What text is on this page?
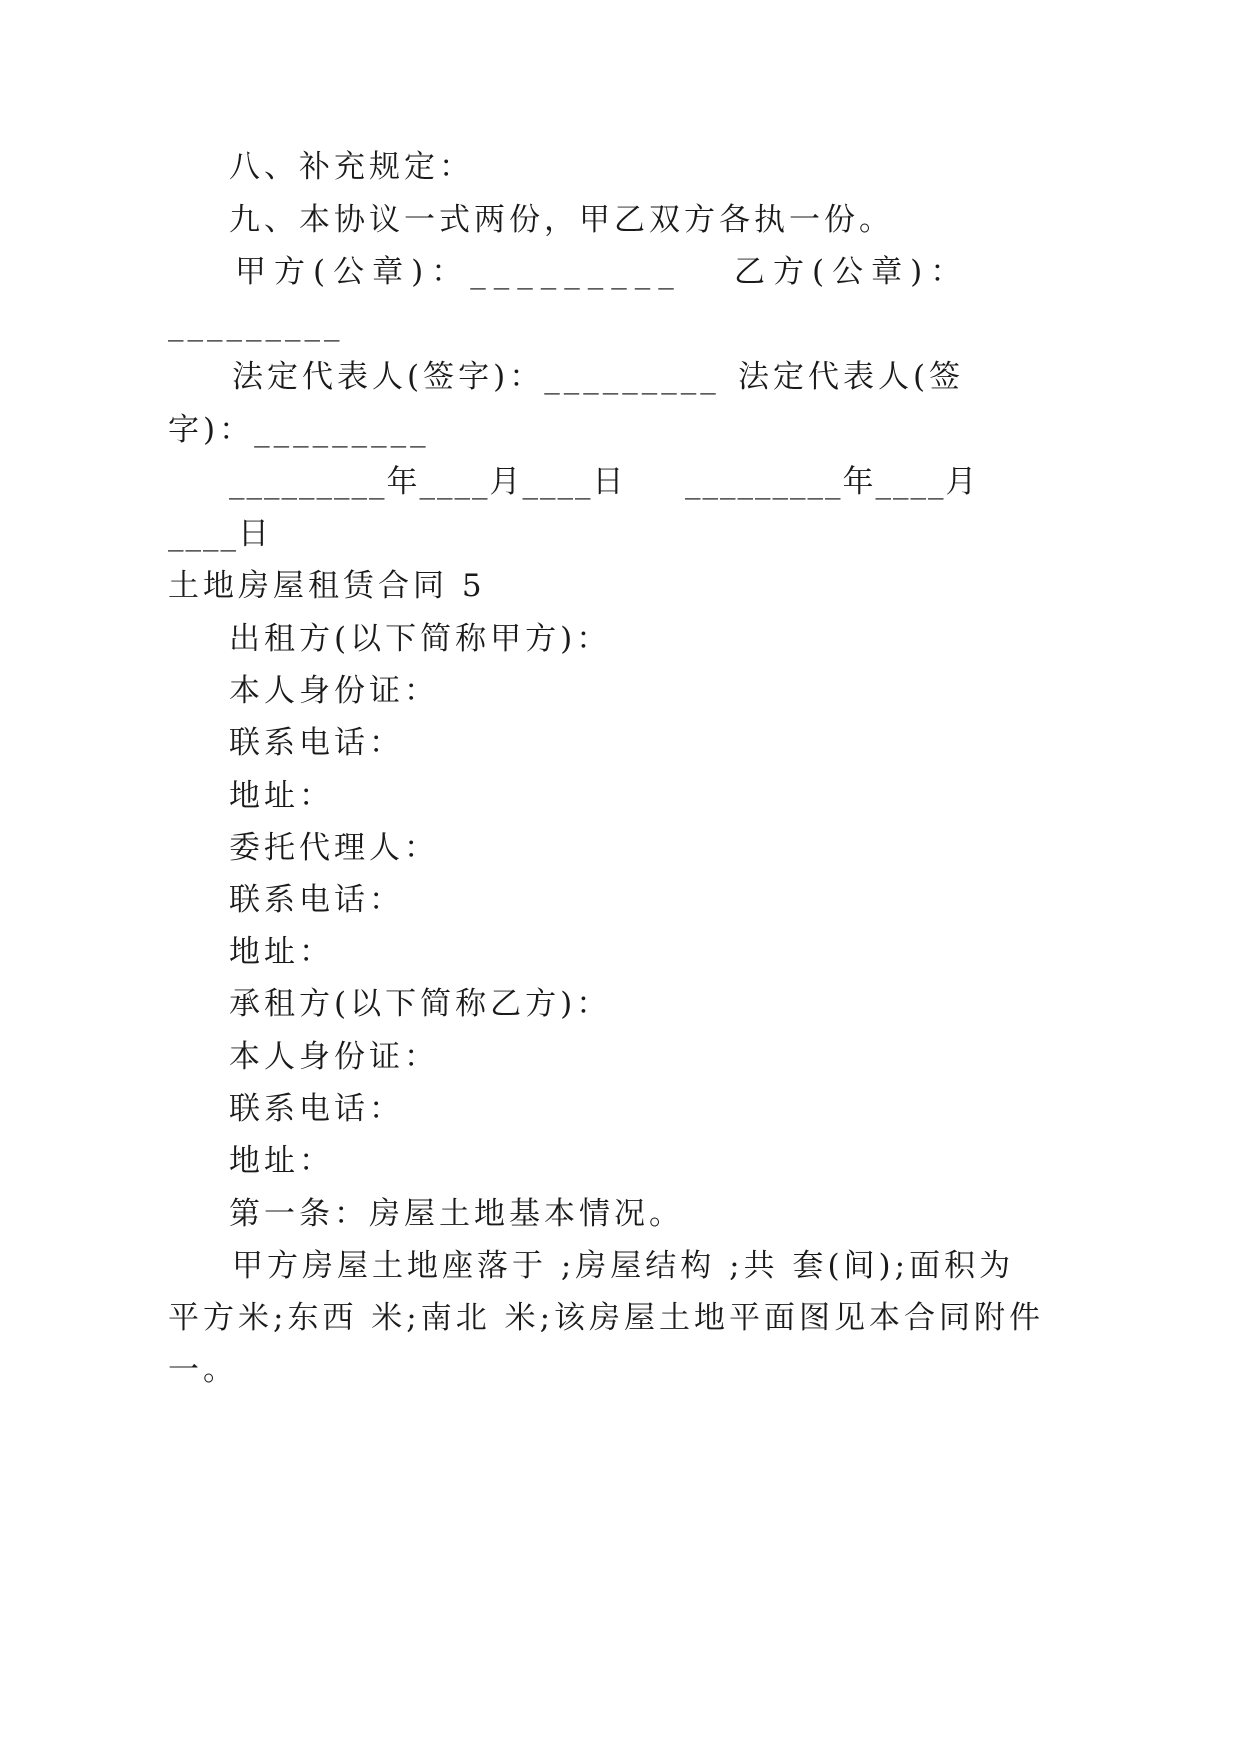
八、补充规定：
九、本协议一式两份，甲乙双方各执一份。
甲方(公章)：_________ 乙方(公章)：
_________
法定代表人(签字)：_________ 法定代表人(签
字)：_________
_________年____月____日 _________年____月
____日
土地房屋租赁合同 5
出租方(以下简称甲方)：
本人身份证：
联系电话：
地址：
委托代理人：
联系电话：
地址：
承租方(以下简称乙方)：
本人身份证：
联系电话：
地址：
第一条：房屋土地基本情况。
甲方房屋土地座落于 ;房屋结构 ;共 套(间);面积为
平方米;东西 米;南北 米;该房屋土地平面图见本合同附件
一。
